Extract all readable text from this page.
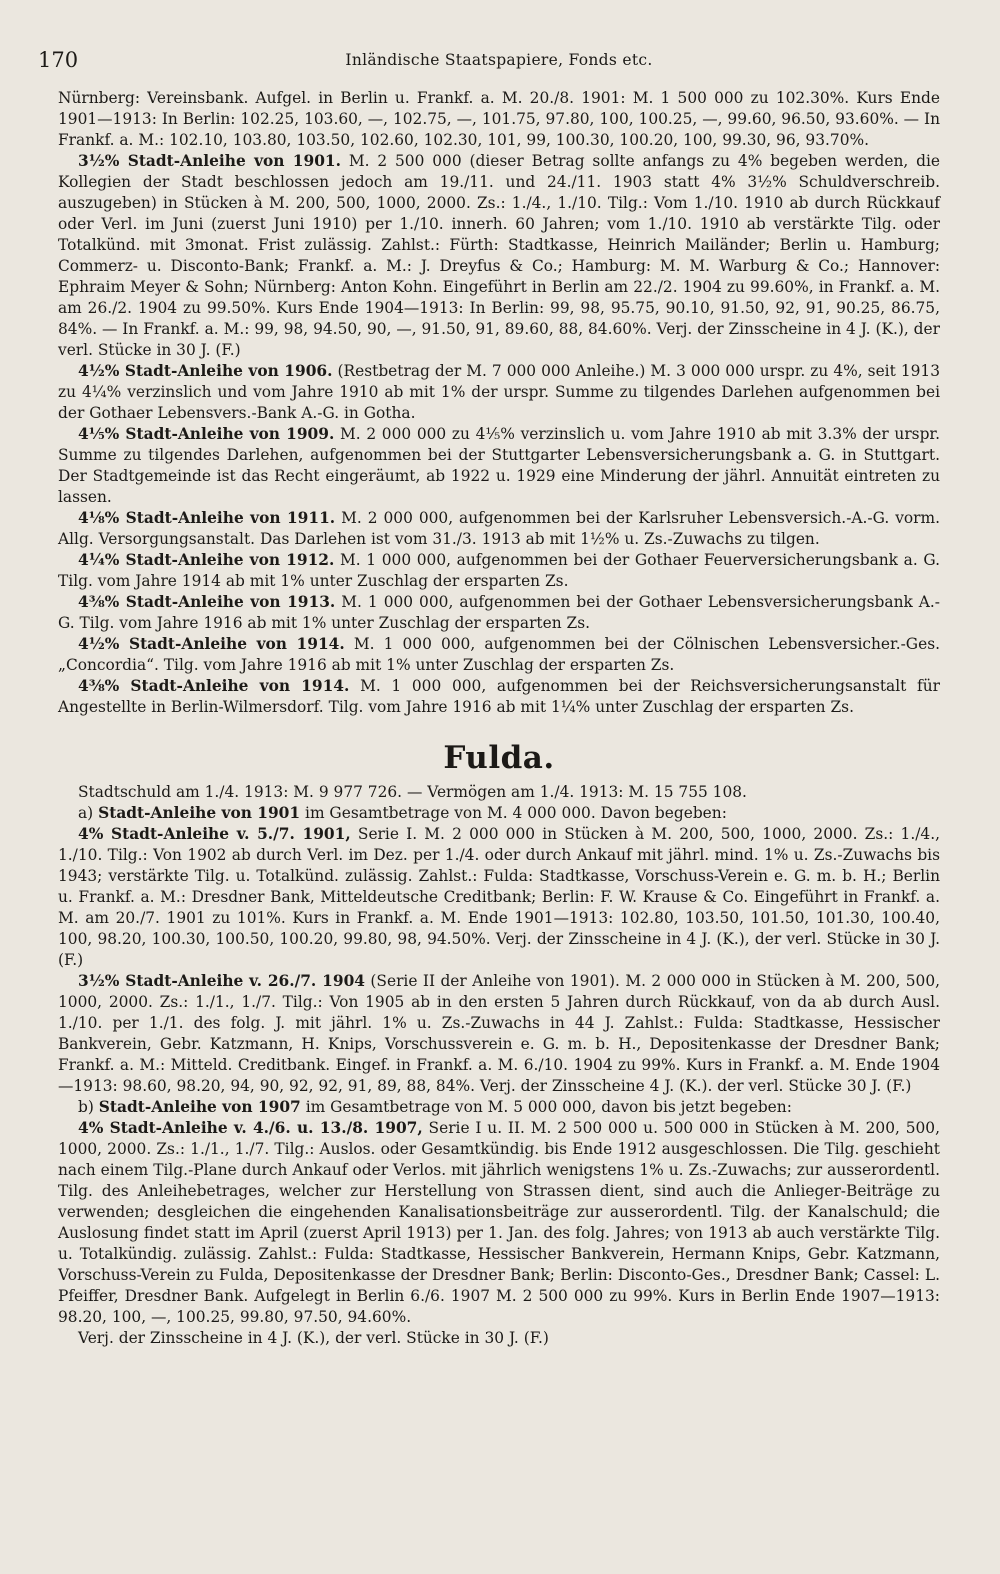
170	Inländische Staatspapiere, Fonds etc.

Nürnberg: Vereinsbank. Aufgel. in Berlin u. Frankf. a. M. 20./8. 1901: M. 1 500 000 zu 102.30%. Kurs Ende 1901—1913: In Berlin: 102.25, 103.60, —, 102.75, —, 101.75, 97.80, 100, 100.25, —, 99.60, 96.50, 93.60%. — In Frankf. a. M.: 102.10, 103.80, 103.50, 102.60, 102.30, 101, 99, 100.30, 100.20, 100, 99.30, 96, 93.70%.

3½% Stadt-Anleihe von 1901. M. 2 500 000 (dieser Betrag sollte anfangs zu 4% begeben werden, die Kollegien der Stadt beschlossen jedoch am 19./11. und 24./11. 1903 statt 4% 3½% Schuldverschreib. auszugeben) in Stücken à M. 200, 500, 1000, 2000. Zs.: 1./4., 1./10. Tilg.: Vom 1./10. 1910 ab durch Rückkauf oder Verl. im Juni (zuerst Juni 1910) per 1./10. innerh. 60 Jahren; vom 1./10. 1910 ab verstärkte Tilg. oder Totalkünd. mit 3monat. Frist zulässig. Zahlst.: Fürth: Stadtkasse, Heinrich Mailänder; Berlin u. Hamburg; Commerz- u. Disconto-Bank; Frankf. a. M.: J. Dreyfus & Co.; Hamburg: M. M. Warburg & Co.; Hannover: Ephraim Meyer & Sohn; Nürnberg: Anton Kohn. Eingeführt in Berlin am 22./2. 1904 zu 99.60%, in Frankf. a. M. am 26./2. 1904 zu 99.50%. Kurs Ende 1904—1913: In Berlin: 99, 98, 95.75, 90.10, 91.50, 92, 91, 90.25, 86.75, 84%. — In Frankf. a. M.: 99, 98, 94.50, 90, —, 91.50, 91, 89.60, 88, 84.60%. Verj. der Zinsscheine in 4 J. (K.), der verl. Stücke in 30 J. (F.)

4½% Stadt-Anleihe von 1906. (Restbetrag der M. 7 000 000 Anleihe.) M. 3 000 000 urspr. zu 4%, seit 1913 zu 4¼% verzinslich und vom Jahre 1910 ab mit 1% der urspr. Summe zu tilgendes Darlehen aufgenommen bei der Gothaer Lebensvers.-Bank A.-G. in Gotha.

4⅕% Stadt-Anleihe von 1909. M. 2 000 000 zu 4⅕% verzinslich u. vom Jahre 1910 ab mit 3.3% der urspr. Summe zu tilgendes Darlehen, aufgenommen bei der Stuttgarter Lebensversicherungsbank a. G. in Stuttgart. Der Stadtgemeinde ist das Recht eingeräumt, ab 1922 u. 1929 eine Minderung der jährl. Annuität eintreten zu lassen.

4⅛% Stadt-Anleihe von 1911. M. 2 000 000, aufgenommen bei der Karlsruher Lebensversich.-A.-G. vorm. Allg. Versorgungsanstalt. Das Darlehen ist vom 31./3. 1913 ab mit 1½% u. Zs.-Zuwachs zu tilgen.

4¼% Stadt-Anleihe von 1912. M. 1 000 000, aufgenommen bei der Gothaer Feuerversicherungsbank a. G. Tilg. vom Jahre 1914 ab mit 1% unter Zuschlag der ersparten Zs.

4⅜% Stadt-Anleihe von 1913. M. 1 000 000, aufgenommen bei der Gothaer Lebensversicherungsbank A.-G. Tilg. vom Jahre 1916 ab mit 1% unter Zuschlag der ersparten Zs.

4½% Stadt-Anleihe von 1914. M. 1 000 000, aufgenommen bei der Cölnischen Lebensversicher.-Ges. „Concordia“. Tilg. vom Jahre 1916 ab mit 1% unter Zuschlag der ersparten Zs.

4⅜% Stadt-Anleihe von 1914. M. 1 000 000, aufgenommen bei der Reichsversicherungsanstalt für Angestellte in Berlin-Wilmersdorf. Tilg. vom Jahre 1916 ab mit 1¼% unter Zuschlag der ersparten Zs.

Fulda.

Stadtschuld am 1./4. 1913: M. 9 977 726. — Vermögen am 1./4. 1913: M. 15 755 108.

a) Stadt-Anleihe von 1901 im Gesamtbetrage von M. 4 000 000. Davon begeben:

4% Stadt-Anleihe v. 5./7. 1901, Serie I. M. 2 000 000 in Stücken à M. 200, 500, 1000, 2000. Zs.: 1./4., 1./10. Tilg.: Von 1902 ab durch Verl. im Dez. per 1./4. oder durch Ankauf mit jährl. mind. 1% u. Zs.-Zuwachs bis 1943; verstärkte Tilg. u. Totalkünd. zulässig. Zahlst.: Fulda: Stadtkasse, Vorschuss-Verein e. G. m. b. H.; Berlin u. Frankf. a. M.: Dresdner Bank, Mitteldeutsche Creditbank; Berlin: F. W. Krause & Co. Eingeführt in Frankf. a. M. am 20./7. 1901 zu 101%. Kurs in Frankf. a. M. Ende 1901—1913: 102.80, 103.50, 101.50, 101.30, 100.40, 100, 98.20, 100.30, 100.50, 100.20, 99.80, 98, 94.50%. Verj. der Zinsscheine in 4 J. (K.), der verl. Stücke in 30 J. (F.)

3½% Stadt-Anleihe v. 26./7. 1904 (Serie II der Anleihe von 1901). M. 2 000 000 in Stücken à M. 200, 500, 1000, 2000. Zs.: 1./1., 1./7. Tilg.: Von 1905 ab in den ersten 5 Jahren durch Rückkauf, von da ab durch Ausl. 1./10. per 1./1. des folg. J. mit jährl. 1% u. Zs.-Zuwachs in 44 J. Zahlst.: Fulda: Stadtkasse, Hessischer Bankverein, Gebr. Katzmann, H. Knips, Vorschussverein e. G. m. b. H., Depositenkasse der Dresdner Bank; Frankf. a. M.: Mitteld. Creditbank. Eingef. in Frankf. a. M. 6./10. 1904 zu 99%. Kurs in Frankf. a. M. Ende 1904—1913: 98.60, 98.20, 94, 90, 92, 92, 91, 89, 88, 84%. Verj. der Zinsscheine 4 J. (K.). der verl. Stücke 30 J. (F.)

b) Stadt-Anleihe von 1907 im Gesamtbetrage von M. 5 000 000, davon bis jetzt begeben:

4% Stadt-Anleihe v. 4./6. u. 13./8. 1907, Serie I u. II. M. 2 500 000 u. 500 000 in Stücken à M. 200, 500, 1000, 2000. Zs.: 1./1., 1./7. Tilg.: Auslos. oder Gesamtkündig. bis Ende 1912 ausgeschlossen. Die Tilg. geschieht nach einem Tilg.-Plane durch Ankauf oder Verlos. mit jährlich wenigstens 1% u. Zs.-Zuwachs; zur ausserordentl. Tilg. des Anleihebetrages, welcher zur Herstellung von Strassen dient, sind auch die Anlieger-Beiträge zu verwenden; desgleichen die eingehenden Kanalisationsbeiträge zur ausserordentl. Tilg. der Kanalschuld; die Auslosung findet statt im April (zuerst April 1913) per 1. Jan. des folg. Jahres; von 1913 ab auch verstärkte Tilg. u. Totalkündig. zulässig. Zahlst.: Fulda: Stadtkasse, Hessischer Bankverein, Hermann Knips, Gebr. Katzmann, Vorschuss-Verein zu Fulda, Depositenkasse der Dresdner Bank; Berlin: Disconto-Ges., Dresdner Bank; Cassel: L. Pfeiffer, Dresdner Bank. Aufgelegt in Berlin 6./6. 1907 M. 2 500 000 zu 99%. Kurs in Berlin Ende 1907—1913: 98.20, 100, —, 100.25, 99.80, 97.50, 94.60%.

Verj. der Zinsscheine in 4 J. (K.), der verl. Stücke in 30 J. (F.)
